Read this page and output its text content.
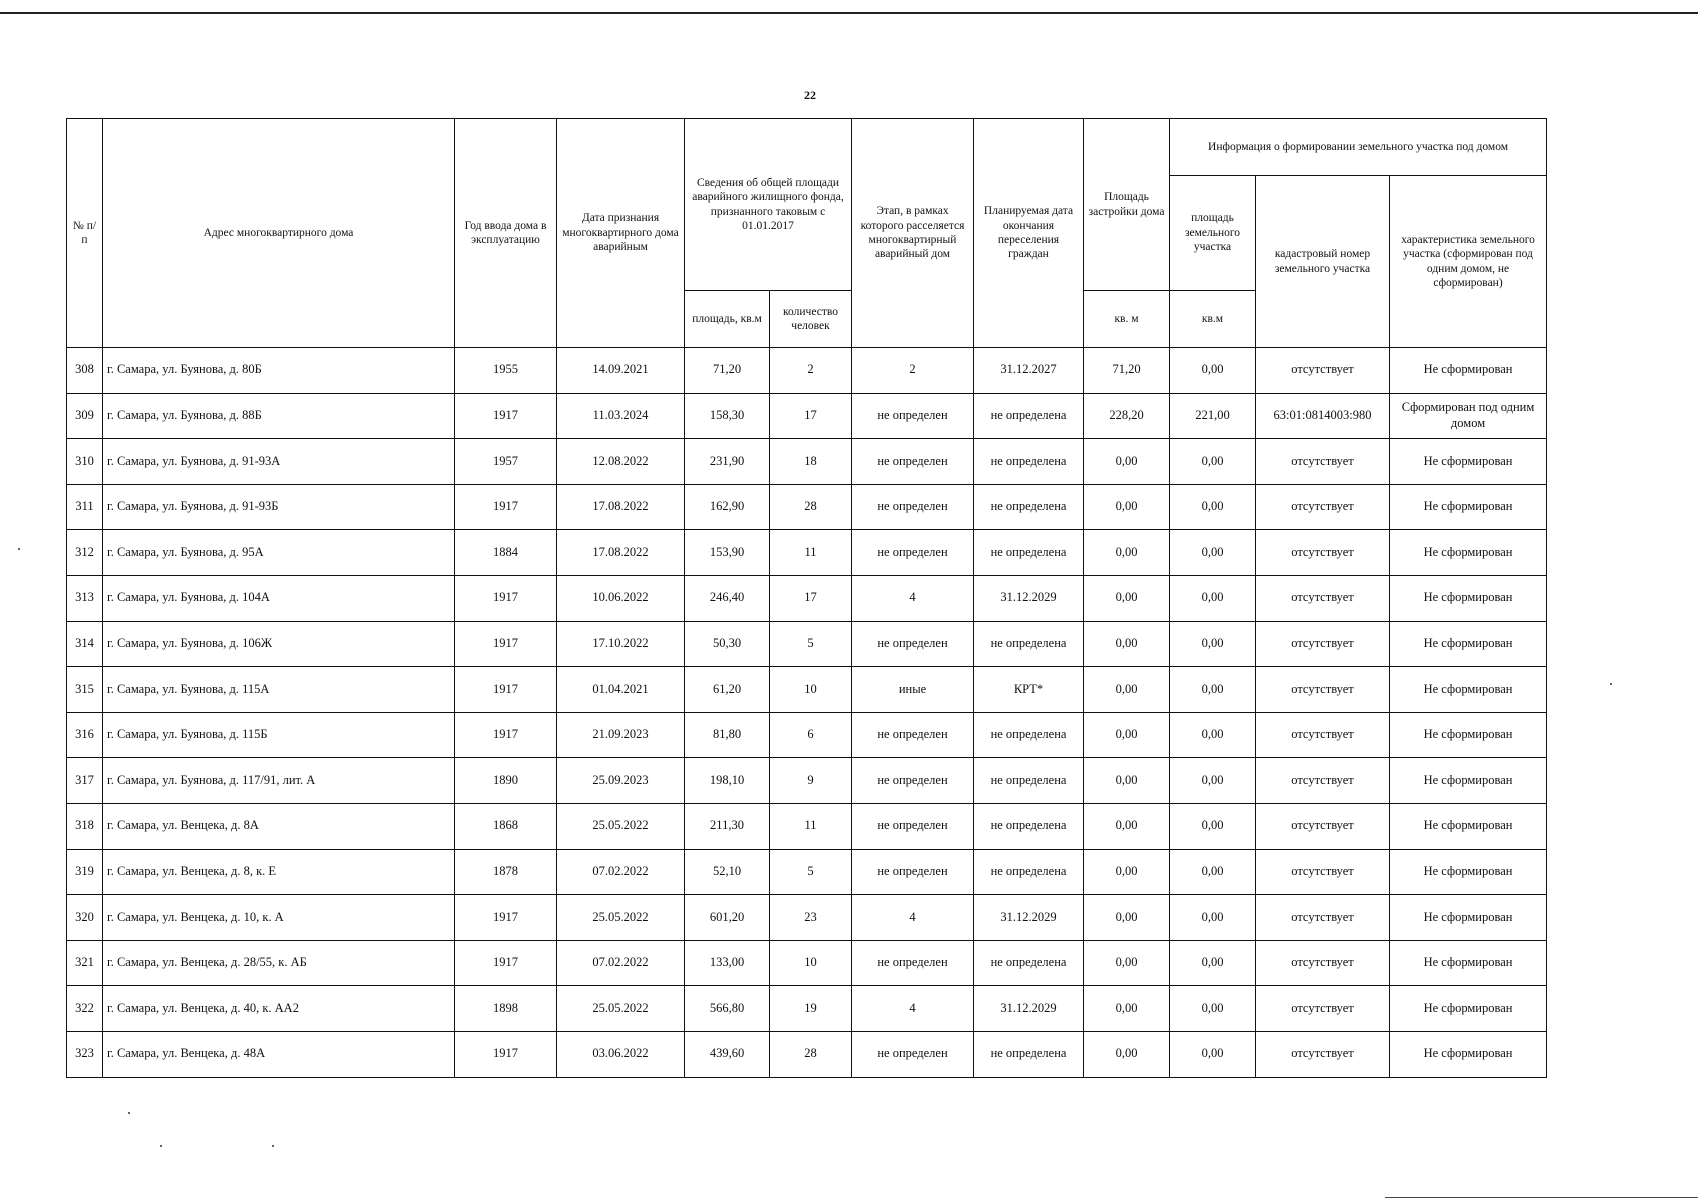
22
№ п/п	Адрес многоквартирного дома	Год ввода дома в эксплуатацию	Дата признания многоквартирного дома аварийным	Сведения об общей площади аварийного жилищного фонда, признанного таковым с 01.01.2017		Этап, в рамках которого расселяется многоквартирный аварийный дом	Планируемая дата окончания переселения граждан	Площадь застройки дома	Информация о формировании земельного участка под домом		
									площадь земельного участка	кадастровый номер земельного участка	характеристика земельного участка (сформирован под одним домом, не сформирован)
				площадь, кв.м	количество человек			кв. м	кв.м		
308	г. Самара, ул. Буянова, д. 80Б	1955	14.09.2021	71,20	2	2	31.12.2027	71,20	0,00	отсутствует	Не сформирован
309	г. Самара, ул. Буянова, д. 88Б	1917	11.03.2024	158,30	17	не определен	не определена	228,20	221,00	63:01:0814003:980	Сформирован под одним домом
310	г. Самара, ул. Буянова, д. 91-93А	1957	12.08.2022	231,90	18	не определен	не определена	0,00	0,00	отсутствует	Не сформирован
311	г. Самара, ул. Буянова, д. 91-93Б	1917	17.08.2022	162,90	28	не определен	не определена	0,00	0,00	отсутствует	Не сформирован
312	г. Самара, ул. Буянова, д. 95А	1884	17.08.2022	153,90	11	не определен	не определена	0,00	0,00	отсутствует	Не сформирован
313	г. Самара, ул. Буянова, д. 104А	1917	10.06.2022	246,40	17	4	31.12.2029	0,00	0,00	отсутствует	Не сформирован
314	г. Самара, ул. Буянова, д. 106Ж	1917	17.10.2022	50,30	5	не определен	не определена	0,00	0,00	отсутствует	Не сформирован
315	г. Самара, ул. Буянова, д. 115А	1917	01.04.2021	61,20	10	иные	КРТ*	0,00	0,00	отсутствует	Не сформирован
316	г. Самара, ул. Буянова, д. 115Б	1917	21.09.2023	81,80	6	не определен	не определена	0,00	0,00	отсутствует	Не сформирован
317	г. Самара, ул. Буянова, д. 117/91, лит. А	1890	25.09.2023	198,10	9	не определен	не определена	0,00	0,00	отсутствует	Не сформирован
318	г. Самара, ул. Венцека, д. 8А	1868	25.05.2022	211,30	11	не определен	не определена	0,00	0,00	отсутствует	Не сформирован
319	г. Самара, ул. Венцека, д. 8, к. Е	1878	07.02.2022	52,10	5	не определен	не определена	0,00	0,00	отсутствует	Не сформирован
320	г. Самара, ул. Венцека, д. 10, к. А	1917	25.05.2022	601,20	23	4	31.12.2029	0,00	0,00	отсутствует	Не сформирован
321	г. Самара, ул. Венцека, д. 28/55, к. АБ	1917	07.02.2022	133,00	10	не определен	не определена	0,00	0,00	отсутствует	Не сформирован
322	г. Самара, ул. Венцека, д. 40, к. АА2	1898	25.05.2022	566,80	19	4	31.12.2029	0,00	0,00	отсутствует	Не сформирован
323	г. Самара, ул. Венцека, д. 48А	1917	03.06.2022	439,60	28	не определен	не определена	0,00	0,00	отсутствует	Не сформирован
